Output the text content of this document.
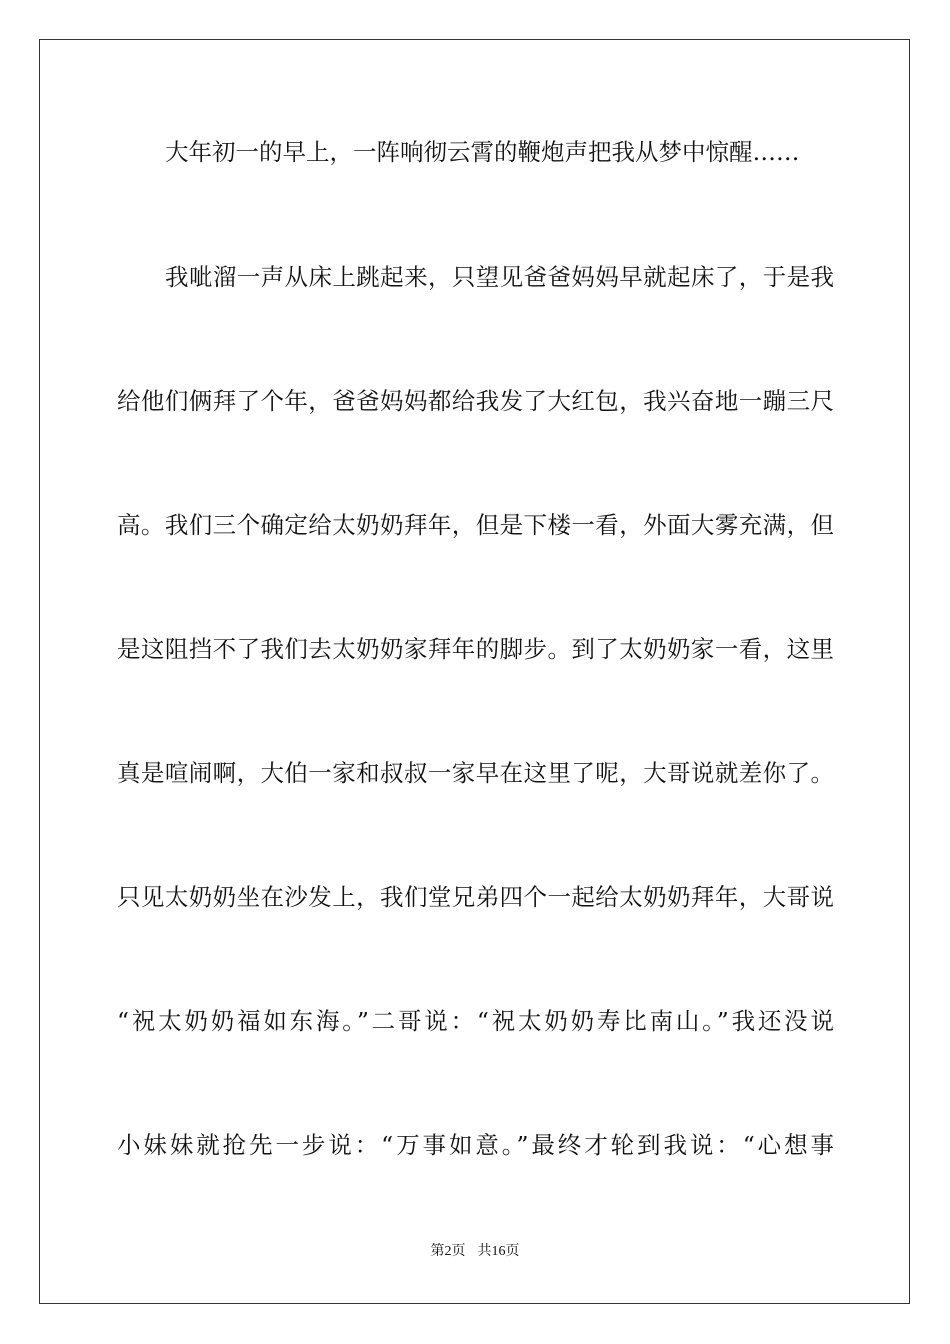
大年初一的早上，一阵响彻云霄的鞭炮声把我从梦中惊醒……
我呲溜一声从床上跳起来，只望见爸爸妈妈早就起床了，于是我
给他们俩拜了个年，爸爸妈妈都给我发了大红包，我兴奋地一蹦三尺
高。我们三个确定给太奶奶拜年，但是下楼一看，外面大雾充满，但
是这阻挡不了我们去太奶奶家拜年的脚步。到了太奶奶家一看，这里
真是喧闹啊，大伯一家和叔叔一家早在这里了呢，大哥说就差你了。
只见太奶奶坐在沙发上，我们堂兄弟四个一起给太奶奶拜年，大哥说
“祝太奶奶福如东海。”二哥说：“祝太奶奶寿比南山。”我还没说
小妹妹就抢先一步说：“万事如意。”最终才轮到我说：“心想事
第2页 共16页
